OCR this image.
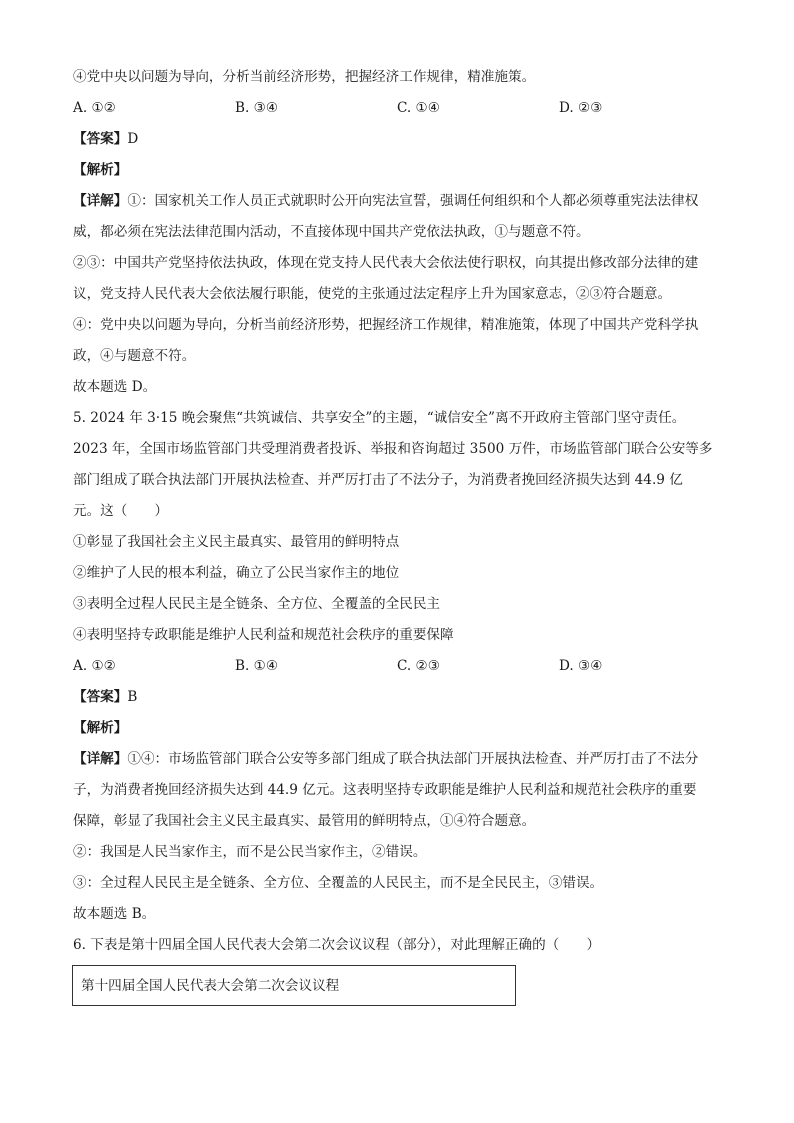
④党中央以问题为导向，分析当前经济形势，把握经济工作规律，精准施策。
A. ①②	B. ③④	C. ①④	D. ②③
【答案】D
【解析】
【详解】①：国家机关工作人员正式就职时公开向宪法宣誓，强调任何组织和个人都必须尊重宪法法律权
威，都必须在宪法法律范围内活动，不直接体现中国共产党依法执政，①与题意不符。
②③：中国共产党坚持依法执政，体现在党支持人民代表大会依法使行职权，向其提出修改部分法律的建
议，党支持人民代表大会依法履行职能，使党的主张通过法定程序上升为国家意志，②③符合题意。
④：党中央以问题为导向，分析当前经济形势，把握经济工作规律，精准施策，体现了中国共产党科学执
政，④与题意不符。
故本题选 D。
5. 2024 年 3·15 晚会聚焦“共筑诚信、共享安全”的主题，“诚信安全”离不开政府主管部门坚守责任。
2023 年，全国市场监管部门共受理消费者投诉、举报和咨询超过 3500 万件，市场监管部门联合公安等多
部门组成了联合执法部门开展执法检查、并严厉打击了不法分子，为消费者挽回经济损失达到 44.9 亿
元。这（　　）
①彰显了我国社会主义民主最真实、最管用的鲜明特点
②维护了人民的根本利益，确立了公民当家作主的地位
③表明全过程人民民主是全链条、全方位、全覆盖的全民民主
④表明坚持专政职能是维护人民利益和规范社会秩序的重要保障
A. ①②	B. ①④	C. ②③	D. ③④
【答案】B
【解析】
【详解】①④：市场监管部门联合公安等多部门组成了联合执法部门开展执法检查、并严厉打击了不法分
子，为消费者挽回经济损失达到 44.9 亿元。这表明坚持专政职能是维护人民利益和规范社会秩序的重要
保障，彰显了我国社会主义民主最真实、最管用的鲜明特点，①④符合题意。
②：我国是人民当家作主，而不是公民当家作主，②错误。
③：全过程人民民主是全链条、全方位、全覆盖的人民民主，而不是全民民主，③错误。
故本题选 B。
6. 下表是第十四届全国人民代表大会第二次会议议程（部分），对此理解正确的（　　）
第十四届全国人民代表大会第二次会议议程
